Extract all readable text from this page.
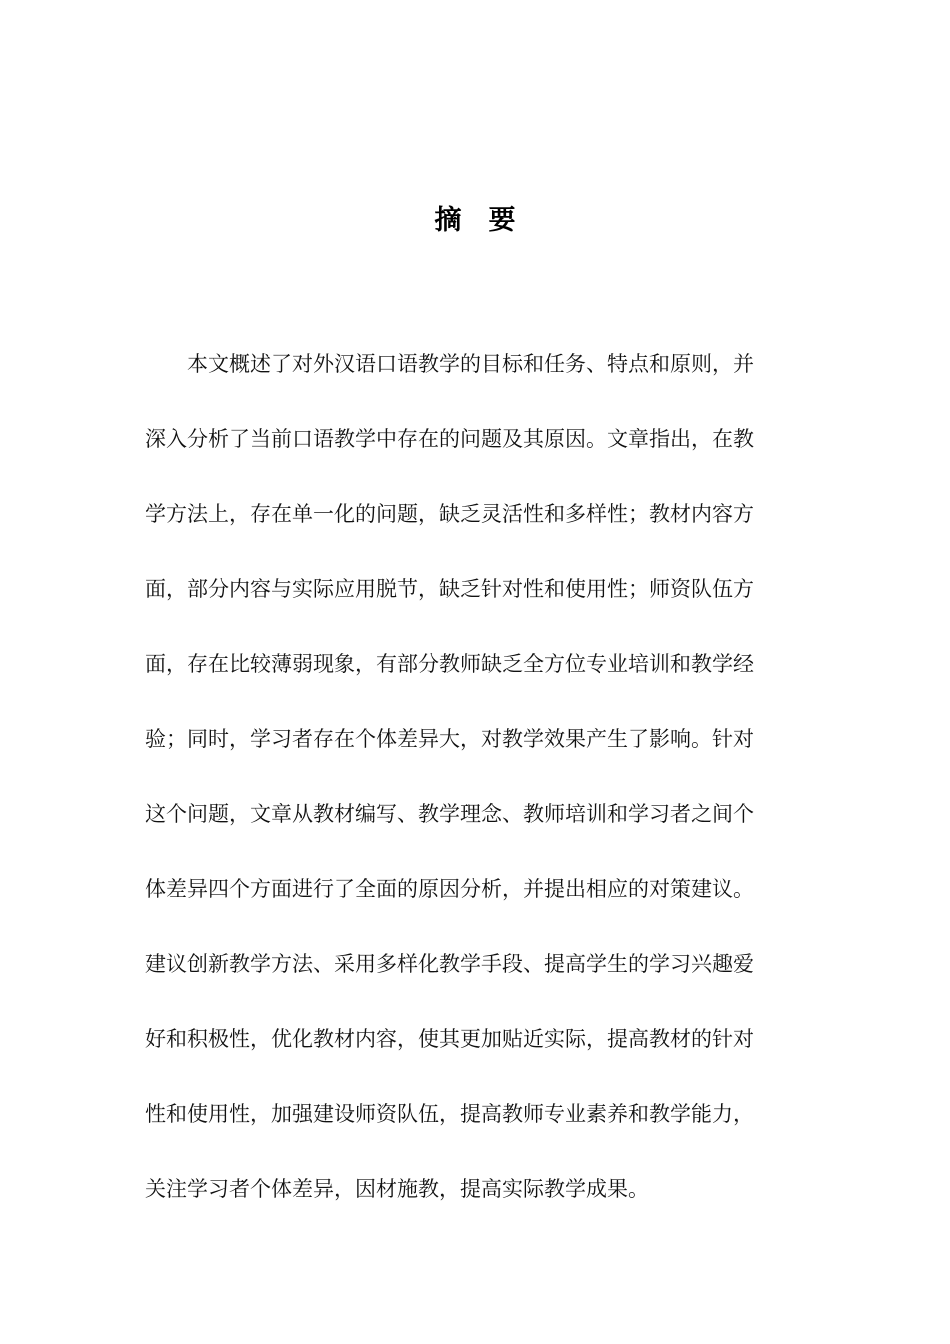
摘 要
　　本文概述了对外汉语口语教学的目标和任务、特点和原则，并
深入分析了当前口语教学中存在的问题及其原因。文章指出，在教
学方法上，存在单一化的问题，缺乏灵活性和多样性；教材内容方
面，部分内容与实际应用脱节，缺乏针对性和使用性；师资队伍方
面，存在比较薄弱现象，有部分教师缺乏全方位专业培训和教学经
验；同时，学习者存在个体差异大，对教学效果产生了影响。针对
这个问题，文章从教材编写、教学理念、教师培训和学习者之间个
体差异四个方面进行了全面的原因分析，并提出相应的对策建议。
建议创新教学方法、采用多样化教学手段、提高学生的学习兴趣爱
好和积极性，优化教材内容，使其更加贴近实际，提高教材的针对
性和使用性，加强建设师资队伍，提高教师专业素养和教学能力，
关注学习者个体差异，因材施教，提高实际教学成果。
